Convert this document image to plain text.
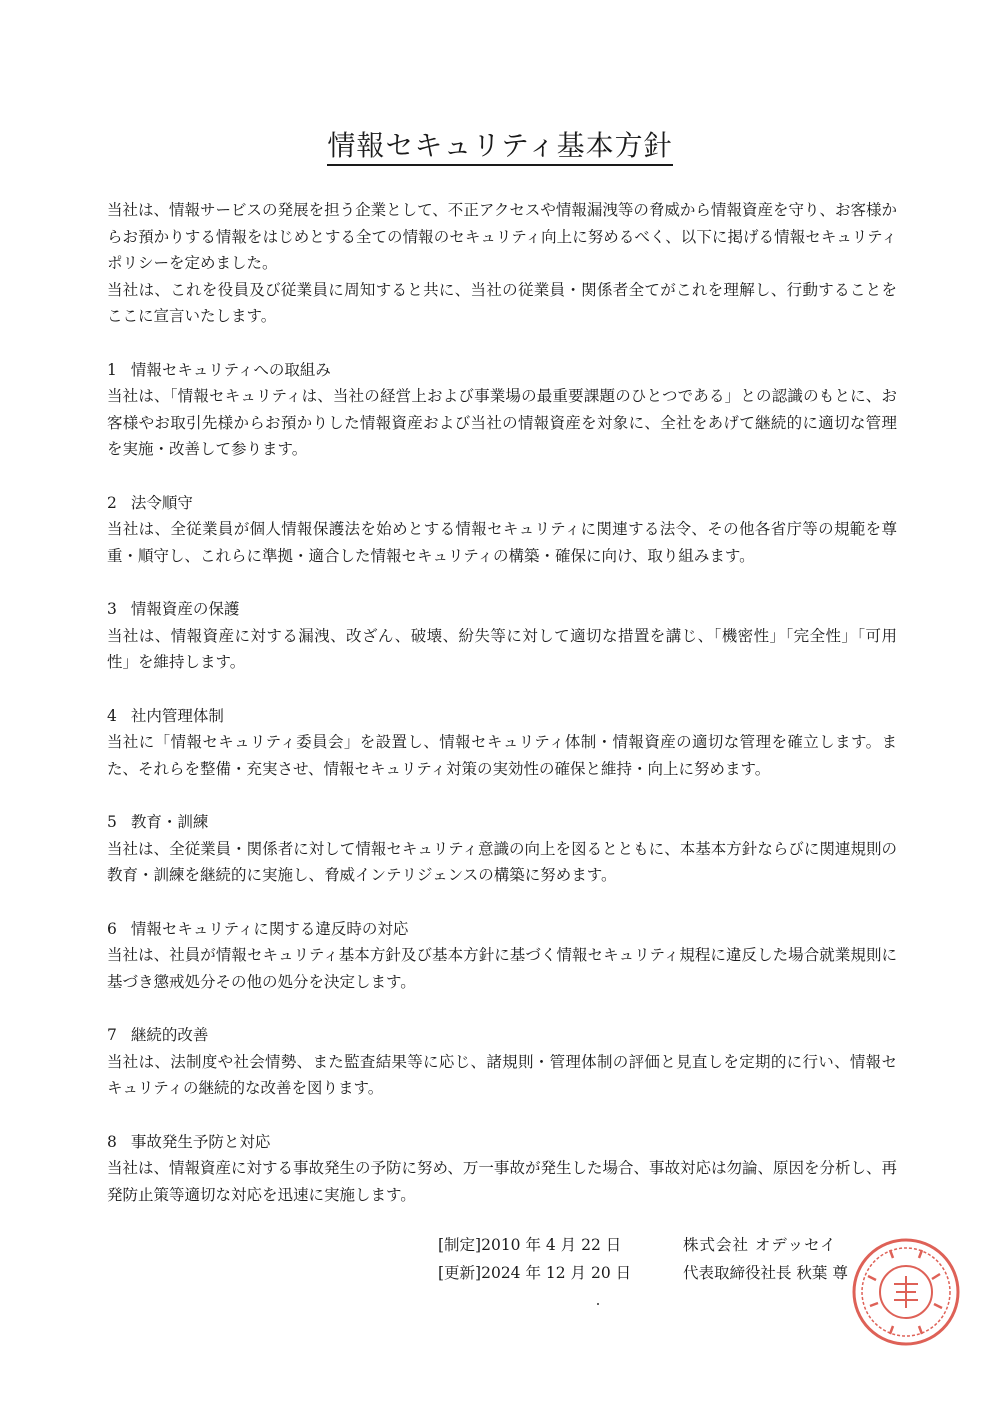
情報セキュリティ基本方針

当社は、情報サービスの発展を担う企業として、不正アクセスや情報漏洩等の脅威から情報資産を守り、お客様からお預かりする情報をはじめとする全ての情報のセキュリティ向上に努めるべく、以下に掲げる情報セキュリティポリシーを定めました。

当社は、これを役員及び従業員に周知すると共に、当社の従業員・関係者全てがこれを理解し、行動することをここに宣言いたします。

1 情報セキュリティへの取組み

当社は、「情報セキュリティは、当社の経営上および事業場の最重要課題のひとつである」との認識のもとに、お客様やお取引先様からお預かりした情報資産および当社の情報資産を対象に、全社をあげて継続的に適切な管理を実施・改善して参ります。

2 法令順守

当社は、全従業員が個人情報保護法を始めとする情報セキュリティに関連する法令、その他各省庁等の規範を尊重・順守し、これらに準拠・適合した情報セキュリティの構築・確保に向け、取り組みます。

3 情報資産の保護

当社は、情報資産に対する漏洩、改ざん、破壊、紛失等に対して適切な措置を講じ、「機密性」「完全性」「可用性」を維持します。

4 社内管理体制

当社に「情報セキュリティ委員会」を設置し、情報セキュリティ体制・情報資産の適切な管理を確立します。また、それらを整備・充実させ、情報セキュリティ対策の実効性の確保と維持・向上に努めます。

5 教育・訓練

当社は、全従業員・関係者に対して情報セキュリティ意識の向上を図るとともに、本基本方針ならびに関連規則の教育・訓練を継続的に実施し、脅威インテリジェンスの構築に努めます。

6 情報セキュリティに関する違反時の対応

当社は、社員が情報セキュリティ基本方針及び基本方針に基づく情報セキュリティ規程に違反した場合就業規則に基づき懲戒処分その他の処分を決定します。

7 継続的改善

当社は、法制度や社会情勢、また監査結果等に応じ、諸規則・管理体制の評価と見直しを定期的に行い、情報セキュリティの継続的な改善を図ります。

8 事故発生予防と対応

当社は、情報資産に対する事故発生の予防に努め、万一事故が発生した場合、事故対応は勿論、原因を分析し、再発防止策等適切な対応を迅速に実施します。

[制定]2010 年 4 月 22 日	株式会社 オデッセイ
[更新]2024 年 12 月 20 日	代表取締役社長 秋葉 尊
